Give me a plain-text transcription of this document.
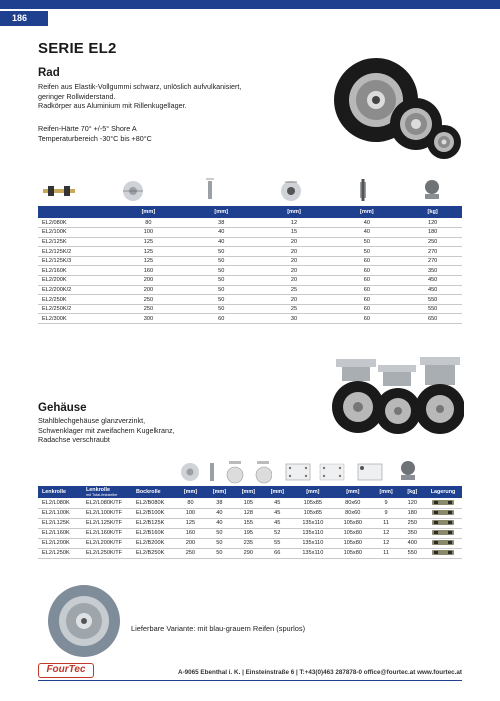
186
SERIE EL2
Rad
Reifen aus Elastik-Vollgummi schwarz, unlöslich aufvulkanisiert,
geringer Rollwiderstand.
Radkörper aus Aluminium mit Rillenkugellager.
Reifen-Härte 70° +/-5° Shore A
Temperaturbereich -30°C bis +80°C
	[mm]	[mm]	[mm]	[mm]	[kg]
EL2/080K	80	38	12	40	120
EL2/100K	100	40	15	40	180
EL2/125K	125	40	20	50	250
EL2/125K/2	125	50	20	50	270
EL2/125K/3	125	50	20	60	270
EL2/160K	160	50	20	60	350
EL2/200K	200	50	20	60	450
EL2/200K/2	200	50	25	60	450
EL2/250K	250	50	20	60	550
EL2/250K/2	250	50	25	60	550
EL2/300K	300	60	30	60	650
Gehäuse
Stahlblechgehäuse glanzverzinkt,
Schwenklager mit zweifachem Kugelkranz,
Radachse verschraubt
Lenkrolle	Lenkrolle
mit Total-feststeller	Bockrolle	[mm]	[mm]	[mm]	[mm]	[mm]	[mm]	[mm]	[kg]	Lagerung
EL2/L080K	EL2/L080K/TF	EL2/B080K	80	38	105	45	105x85	80x60	9	120	
EL2/L100K	EL2/L100K/TF	EL2/B100K	100	40	128	45	105x85	80x60	9	180	
EL2/L125K	EL2/L125K/TF	EL2/B125K	125	40	155	45	135x110	105x80	11	250	
EL2/L160K	EL2/L160K/TF	EL2/B160K	160	50	195	52	135x110	105x80	12	350	
EL2/L200K	EL2/L200K/TF	EL2/B200K	200	50	235	55	135x110	105x80	12	400	
EL2/L250K	EL2/L250K/TF	EL2/B250K	250	50	290	66	135x110	105x80	11	550	
Lieferbare Variante: mit blau-grauem Reifen (spurlos)
FourTec	A-9065 Ebenthal i. K. | Einsteinstraße 6 | T:+43(0)463 287878-0 office@fourtec.at www.fourtec.at
